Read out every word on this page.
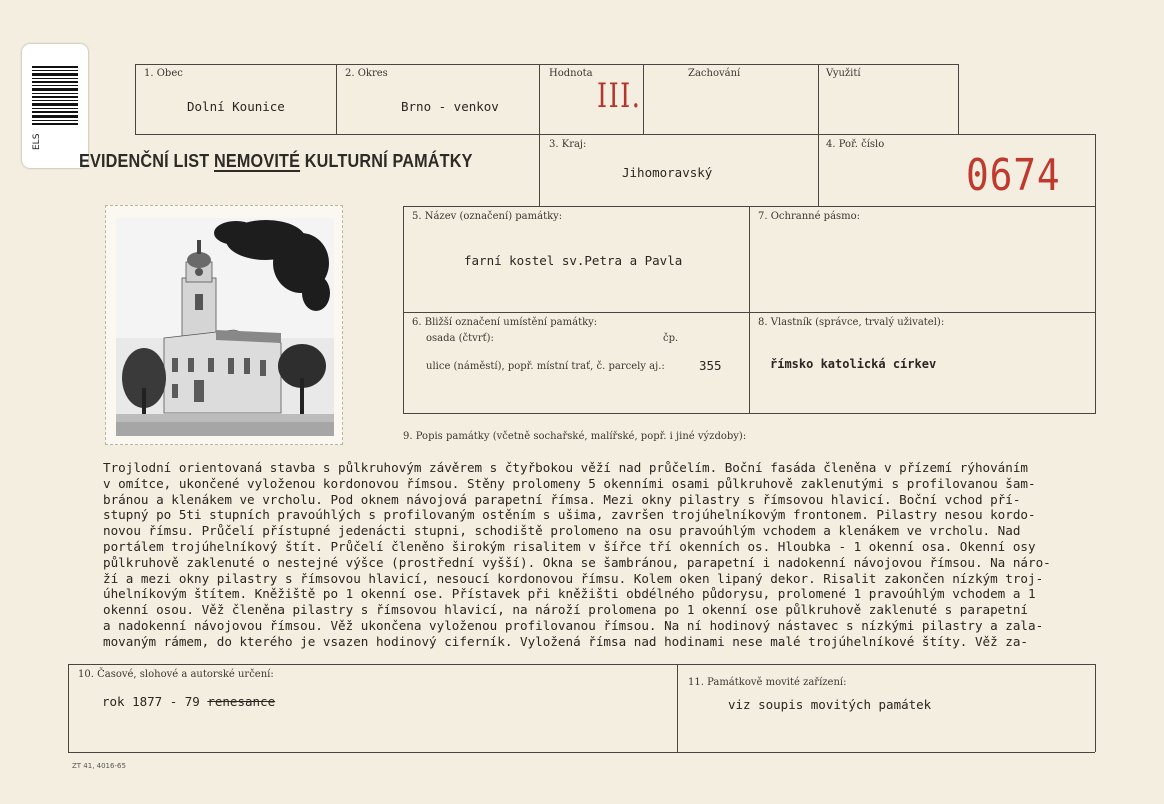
ELS
1. Obec
Dolní Kounice
2. Okres
Brno - venkov
Hodnota
III.
Zachování	Využití
EVIDENČNÍ LIST NEMOVITÉ KULTURNÍ PAMÁTKY
3. Kraj:
Jihomoravský
4. Poř. číslo
0674
5. Název (označení) památky:
farní kostel sv.Petra a Pavla
7. Ochranné pásmo:
6. Bližší označení umístění památky:
osada (čtvrť):	čp.
ulice (náměstí), popř. místní trať, č. parcely aj.:	355
8. Vlastník (správce, trvalý uživatel):
římsko katolická církev
9. Popis památky (včetně sochařské, malířské, popř. i jiné výzdoby):

Trojlodní orientovaná stavba s půlkruhovým závěrem s čtyřbokou věží nad průčelím. Boční fasáda členěna v přízemí rýhováním
v omítce, ukončené vyloženou kordonovou římsou. Stěny prolomeny 5 okenními osami půlkruhově zaklenutými s profilovanou šam-
bránou a klenákem ve vrcholu. Pod oknem návojová parapetní římsa. Mezi okny pilastry s římsovou hlavicí. Boční vchod pří-
stupný po 5ti stupních pravoúhlých s profilovaným ostěním s ušima, završen trojúhelníkovým frontonem. Pilastry nesou kordo-
novou římsu. Průčelí přístupné jedenácti stupni, schodiště prolomeno na osu pravoúhlým vchodem a klenákem ve vrcholu. Nad
portálem trojúhelníkový štít. Průčelí členěno širokým risalitem v šířce tří okenních os. Hloubka - 1 okenní osa. Okenní osy
půlkruhově zaklenuté o nestejné výšce (prostřední vyšší). Okna se šambránou, parapetní i nadokenní návojovou římsou. Na náro-
ží a mezi okny pilastry s římsovou hlavicí, nesoucí kordonovou římsu. Kolem oken lipaný dekor. Risalit zakončen nízkým troj-
úhelníkovým štítem. Kněžiště po 1 okenní ose. Přístavek při kněžišti obdélného půdorysu, prolomené 1 pravoúhlým vchodem a 1
okenní osou. Věž členěna pilastry s římsovou hlavicí, na nároží prolomena po 1 okenní ose půlkruhově zaklenuté s parapetní
a nadokenní návojovou římsou. Věž ukončena vyloženou profilovanou římsou. Na ní hodinový nástavec s nízkými pilastry a zala-
movaným rámem, do kterého je vsazen hodinový ciferník. Vyložená římsa nad hodinami nese malé trojúhelníkové štíty. Věž za-

10. Časové, slohové a autorské určení:
rok 1877 - 79 renesance
11. Památkově movité zařízení:
viz soupis movitých památek
ZT 41, 4016-65
